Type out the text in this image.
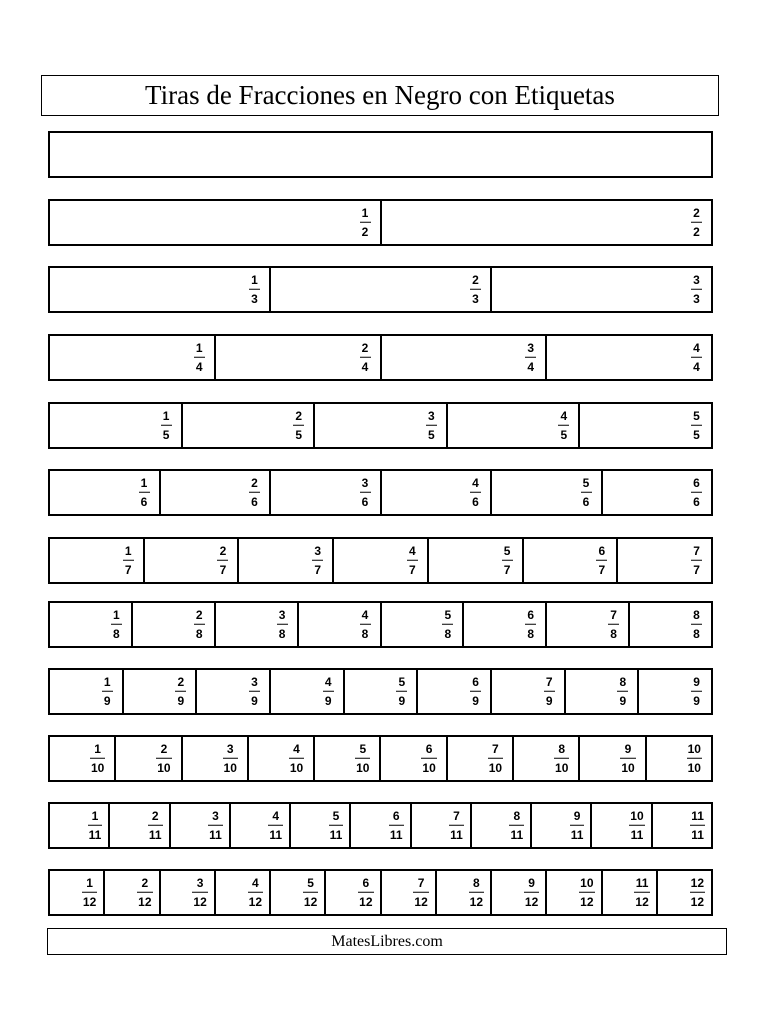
Tiras de Fracciones en Negro con Etiquetas
1
2
2
2
1
3
2
3
3
3
1
4
2
4
3
4
4
4
1
5
2
5
3
5
4
5
5
5
1
6
2
6
3
6
4
6
5
6
6
6
1
7
2
7
3
7
4
7
5
7
6
7
7
7
1
8
2
8
3
8
4
8
5
8
6
8
7
8
8
8
1
9
2
9
3
9
4
9
5
9
6
9
7
9
8
9
9
9
1
10
2
10
3
10
4
10
5
10
6
10
7
10
8
10
9
10
10
10
1
11
2
11
3
11
4
11
5
11
6
11
7
11
8
11
9
11
10
11
11
11
1
12
2
12
3
12
4
12
5
12
6
12
7
12
8
12
9
12
10
12
11
12
12
12
MatesLibres.com
